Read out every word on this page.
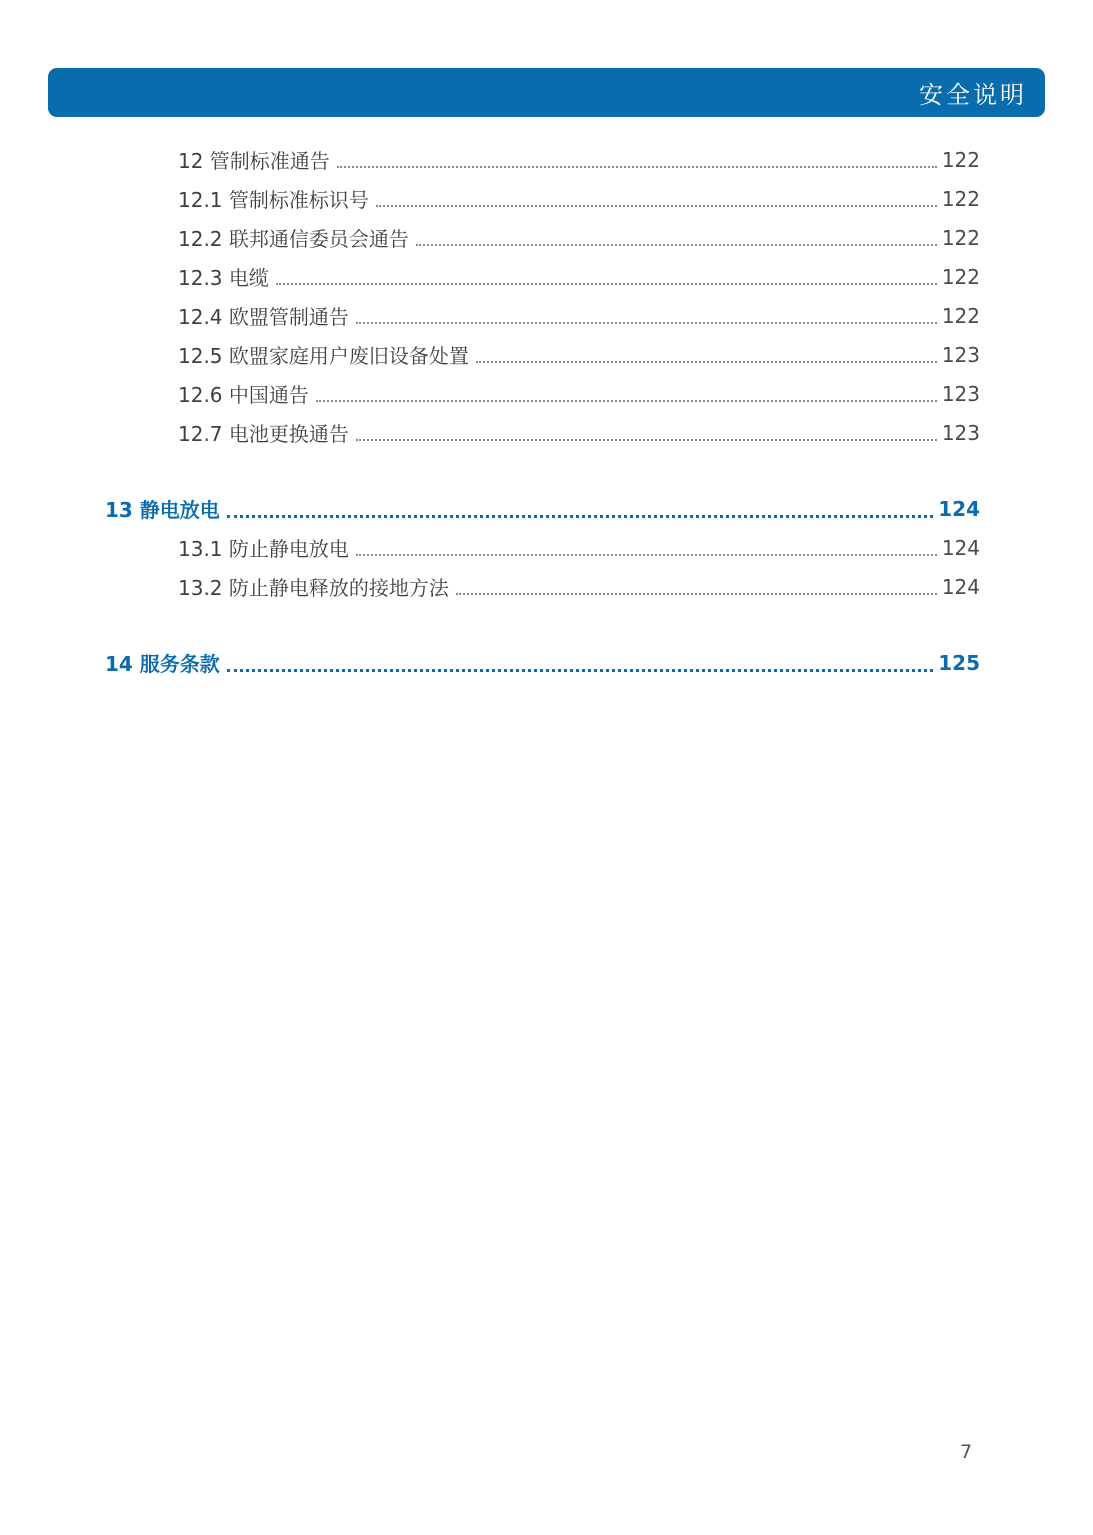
安全说明
12 管制标准通告	122
12.1 管制标准标识号	122
12.2 联邦通信委员会通告	122
12.3 电缆	122
12.4 欧盟管制通告	122
12.5 欧盟家庭用户废旧设备处置	123
12.6 中国通告	123
12.7 电池更换通告	123
13 静电放电	124
13.1 防止静电放电	124
13.2 防止静电释放的接地方法	124
14 服务条款	125
7
